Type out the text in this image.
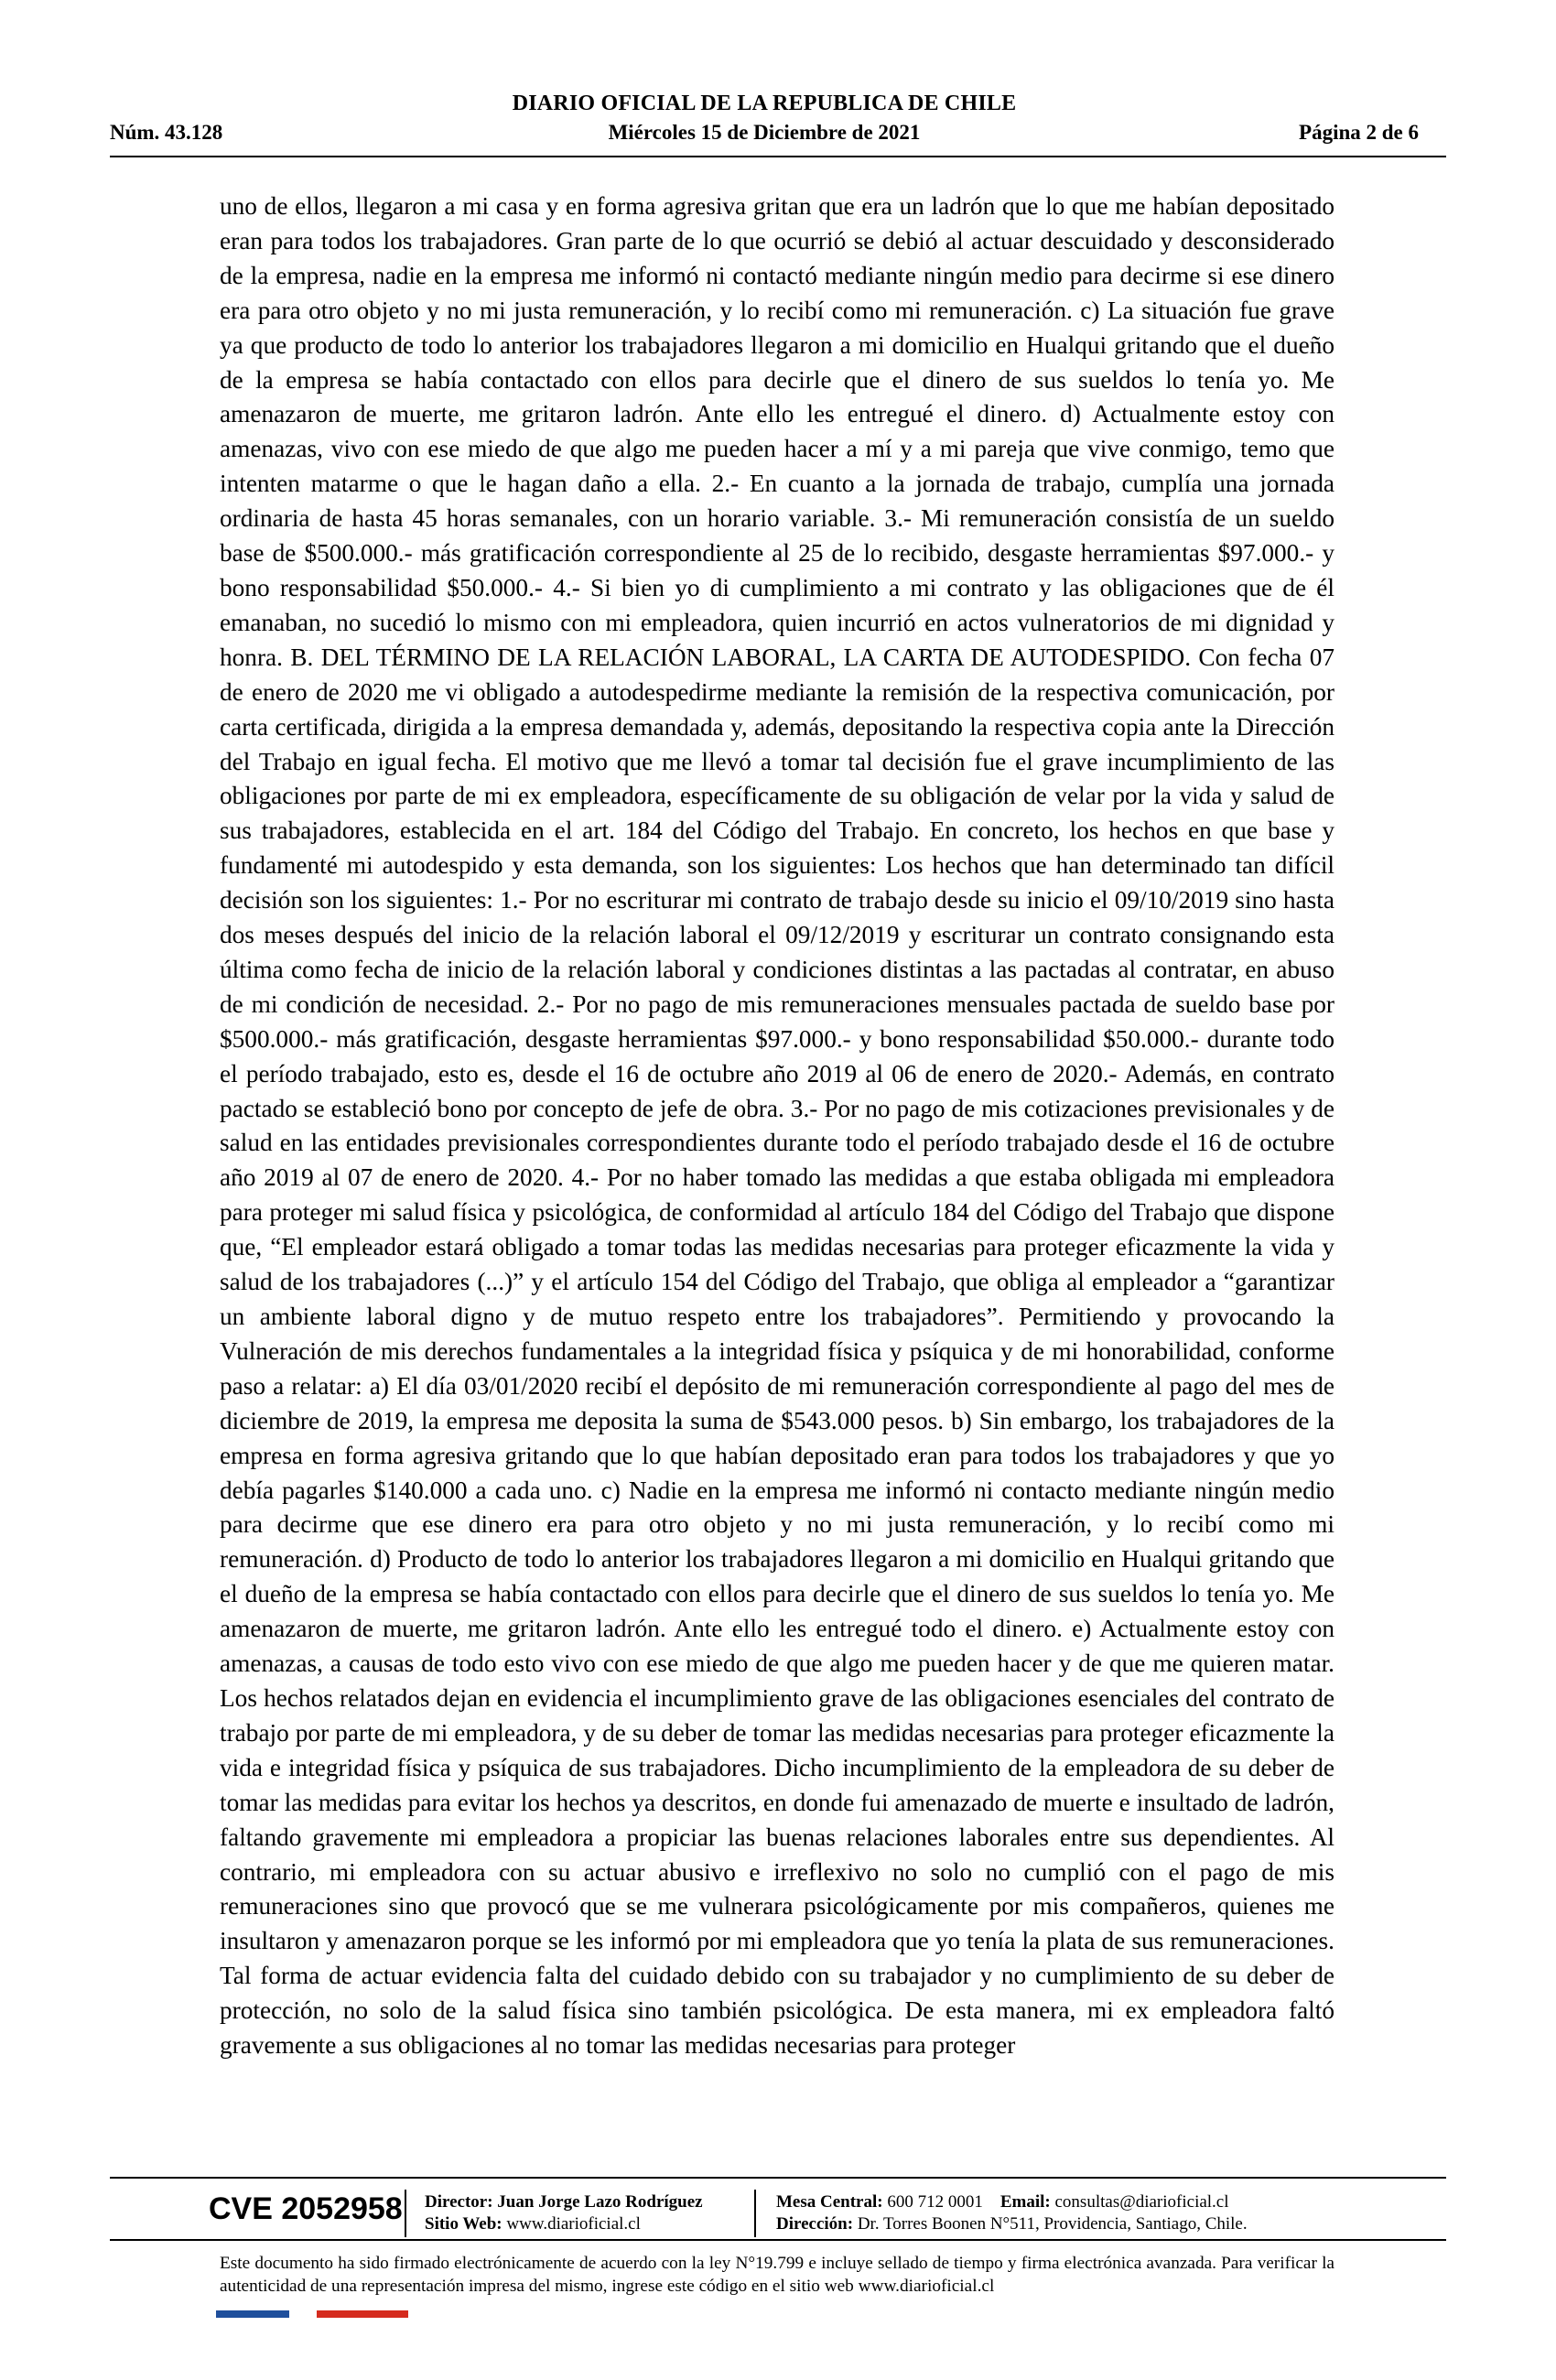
DIARIO OFICIAL DE LA REPUBLICA DE CHILE
Núm. 43.128	Miércoles 15 de Diciembre de 2021	Página 2 de 6

uno de ellos, llegaron a mi casa y en forma agresiva gritan que era un ladrón que lo que me habían depositado eran para todos los trabajadores. Gran parte de lo que ocurrió se debió al actuar descuidado y desconsiderado de la empresa, nadie en la empresa me informó ni contactó mediante ningún medio para decirme si ese dinero era para otro objeto y no mi justa remuneración, y lo recibí como mi remuneración. c) La situación fue grave ya que producto de todo lo anterior los trabajadores llegaron a mi domicilio en Hualqui gritando que el dueño de la empresa se había contactado con ellos para decirle que el dinero de sus sueldos lo tenía yo. Me amenazaron de muerte, me gritaron ladrón. Ante ello les entregué el dinero. d) Actualmente estoy con amenazas, vivo con ese miedo de que algo me pueden hacer a mí y a mi pareja que vive conmigo, temo que intenten matarme o que le hagan daño a ella. 2.- En cuanto a la jornada de trabajo, cumplía una jornada ordinaria de hasta 45 horas semanales, con un horario variable. 3.- Mi remuneración consistía de un sueldo base de $500.000.- más gratificación correspondiente al 25 de lo recibido, desgaste herramientas $97.000.- y bono responsabilidad $50.000.- 4.- Si bien yo di cumplimiento a mi contrato y las obligaciones que de él emanaban, no sucedió lo mismo con mi empleadora, quien incurrió en actos vulneratorios de mi dignidad y honra. B. DEL TÉRMINO DE LA RELACIÓN LABORAL, LA CARTA DE AUTODESPIDO. Con fecha 07 de enero de 2020 me vi obligado a autodespedirme mediante la remisión de la respectiva comunicación, por carta certificada, dirigida a la empresa demandada y, además, depositando la respectiva copia ante la Dirección del Trabajo en igual fecha. El motivo que me llevó a tomar tal decisión fue el grave incumplimiento de las obligaciones por parte de mi ex empleadora, específicamente de su obligación de velar por la vida y salud de sus trabajadores, establecida en el art. 184 del Código del Trabajo. En concreto, los hechos en que base y fundamenté mi autodespido y esta demanda, son los siguientes: Los hechos que han determinado tan difícil decisión son los siguientes: 1.- Por no escriturar mi contrato de trabajo desde su inicio el 09/10/2019 sino hasta dos meses después del inicio de la relación laboral el 09/12/2019 y escriturar un contrato consignando esta última como fecha de inicio de la relación laboral y condiciones distintas a las pactadas al contratar, en abuso de mi condición de necesidad. 2.- Por no pago de mis remuneraciones mensuales pactada de sueldo base por $500.000.- más gratificación, desgaste herramientas $97.000.- y bono responsabilidad $50.000.- durante todo el período trabajado, esto es, desde el 16 de octubre año 2019 al 06 de enero de 2020.- Además, en contrato pactado se estableció bono por concepto de jefe de obra. 3.- Por no pago de mis cotizaciones previsionales y de salud en las entidades previsionales correspondientes durante todo el período trabajado desde el 16 de octubre año 2019 al 07 de enero de 2020. 4.- Por no haber tomado las medidas a que estaba obligada mi empleadora para proteger mi salud física y psicológica, de conformidad al artículo 184 del Código del Trabajo que dispone que, “El empleador estará obligado a tomar todas las medidas necesarias para proteger eficazmente la vida y salud de los trabajadores (...)” y el artículo 154 del Código del Trabajo, que obliga al empleador a “garantizar un ambiente laboral digno y de mutuo respeto entre los trabajadores”. Permitiendo y provocando la Vulneración de mis derechos fundamentales a la integridad física y psíquica y de mi honorabilidad, conforme paso a relatar: a) El día 03/01/2020 recibí el depósito de mi remuneración correspondiente al pago del mes de diciembre de 2019, la empresa me deposita la suma de $543.000 pesos. b) Sin embargo, los trabajadores de la empresa en forma agresiva gritando que lo que habían depositado eran para todos los trabajadores y que yo debía pagarles $140.000 a cada uno. c) Nadie en la empresa me informó ni contacto mediante ningún medio para decirme que ese dinero era para otro objeto y no mi justa remuneración, y lo recibí como mi remuneración. d) Producto de todo lo anterior los trabajadores llegaron a mi domicilio en Hualqui gritando que el dueño de la empresa se había contactado con ellos para decirle que el dinero de sus sueldos lo tenía yo. Me amenazaron de muerte, me gritaron ladrón. Ante ello les entregué todo el dinero. e) Actualmente estoy con amenazas, a causas de todo esto vivo con ese miedo de que algo me pueden hacer y de que me quieren matar. Los hechos relatados dejan en evidencia el incumplimiento grave de las obligaciones esenciales del contrato de trabajo por parte de mi empleadora, y de su deber de tomar las medidas necesarias para proteger eficazmente la vida e integridad física y psíquica de sus trabajadores. Dicho incumplimiento de la empleadora de su deber de tomar las medidas para evitar los hechos ya descritos, en donde fui amenazado de muerte e insultado de ladrón, faltando gravemente mi empleadora a propiciar las buenas relaciones laborales entre sus dependientes. Al contrario, mi empleadora con su actuar abusivo e irreflexivo no solo no cumplió con el pago de mis remuneraciones sino que provocó que se me vulnerara psicológicamente por mis compañeros, quienes me insultaron y amenazaron porque se les informó por mi empleadora que yo tenía la plata de sus remuneraciones. Tal forma de actuar evidencia falta del cuidado debido con su trabajador y no cumplimiento de su deber de protección, no solo de la salud física sino también psicológica. De esta manera, mi ex empleadora faltó gravemente a sus obligaciones al no tomar las medidas necesarias para proteger

CVE 2052958 Director: Juan Jorge Lazo Rodríguez
Sitio Web: www.diarioficial.cl
Mesa Central: 600 712 0001 Email: consultas@diarioficial.cl
Dirección: Dr. Torres Boonen N°511, Providencia, Santiago, Chile.

Este documento ha sido firmado electrónicamente de acuerdo con la ley N°19.799 e incluye sellado de tiempo y firma electrónica avanzada. Para verificar la autenticidad de una representación impresa del mismo, ingrese este código en el sitio web www.diarioficial.cl
